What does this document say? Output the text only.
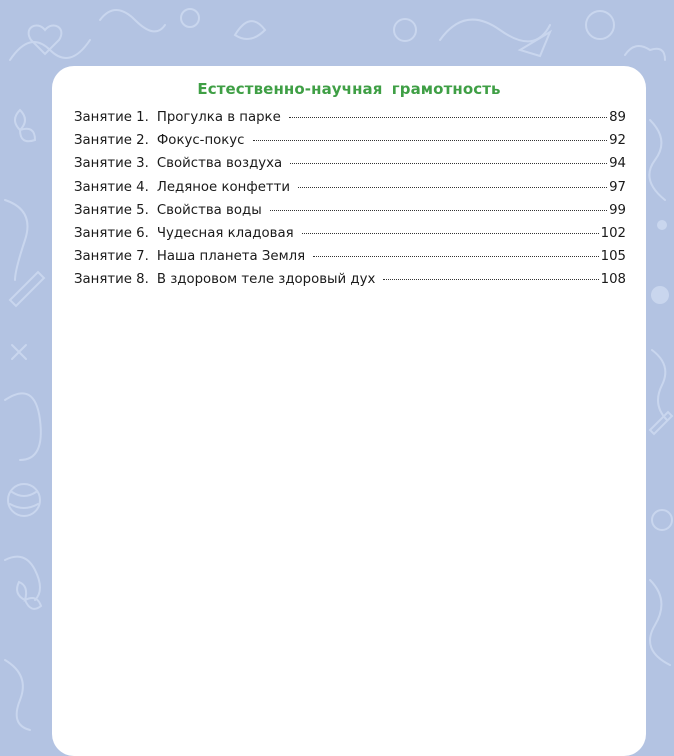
Естественно-научная грамотность
Занятие 1. Прогулка в парке	89
Занятие 2. Фокус-покус	92
Занятие 3. Свойства воздуха	94
Занятие 4. Ледяное конфетти	97
Занятие 5. Свойства воды	99
Занятие 6. Чудесная кладовая	102
Занятие 7. Наша планета Земля	105
Занятие 8. В здоровом теле здоровый дух	108
